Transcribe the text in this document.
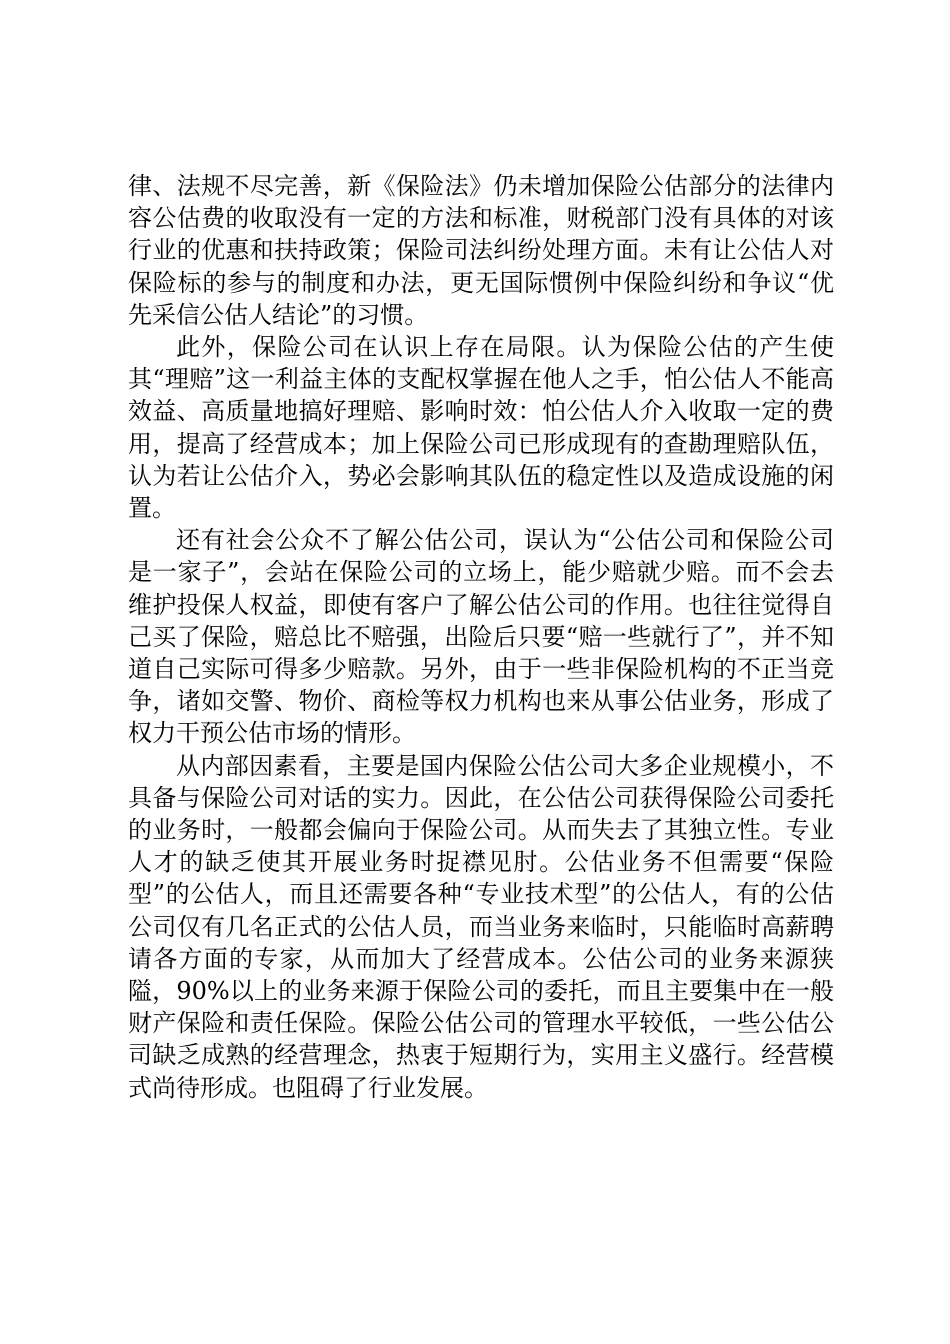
律、法规不尽完善，新《保险法》仍未增加保险公估部分的法律内容公估费的收取没有一定的方法和标准，财税部门没有具体的对该行业的优惠和扶持政策；保险司法纠纷处理方面。未有让公估人对保险标的参与的制度和办法，更无国际惯例中保险纠纷和争议“优先采信公估人结论”的习惯。

此外，保险公司在认识上存在局限。认为保险公估的产生使其“理赔”这一利益主体的支配权掌握在他人之手，怕公估人不能高效益、高质量地搞好理赔、影响时效：怕公估人介入收取一定的费用，提高了经营成本；加上保险公司已形成现有的查勘理赔队伍，认为若让公估介入，势必会影响其队伍的稳定性以及造成设施的闲置。

还有社会公众不了解公估公司，误认为“公估公司和保险公司是一家子”，会站在保险公司的立场上，能少赔就少赔。而不会去维护投保人权益，即使有客户了解公估公司的作用。也往往觉得自己买了保险，赔总比不赔强，出险后只要“赔一些就行了”，并不知道自己实际可得多少赔款。另外，由于一些非保险机构的不正当竞争，诸如交警、物价、商检等权力机构也来从事公估业务，形成了权力干预公估市场的情形。

从内部因素看，主要是国内保险公估公司大多企业规模小，不具备与保险公司对话的实力。因此，在公估公司获得保险公司委托的业务时，一般都会偏向于保险公司。从而失去了其独立性。专业人才的缺乏使其开展业务时捉襟见肘。公估业务不但需要“保险型”的公估人，而且还需要各种“专业技术型”的公估人，有的公估公司仅有几名正式的公估人员，而当业务来临时，只能临时高薪聘请各方面的专家，从而加大了经营成本。公估公司的业务来源狭隘，90%以上的业务来源于保险公司的委托，而且主要集中在一般财产保险和责任保险。保险公估公司的管理水平较低，一些公估公司缺乏成熟的经营理念，热衷于短期行为，实用主义盛行。经营模式尚待形成。也阻碍了行业发展。
